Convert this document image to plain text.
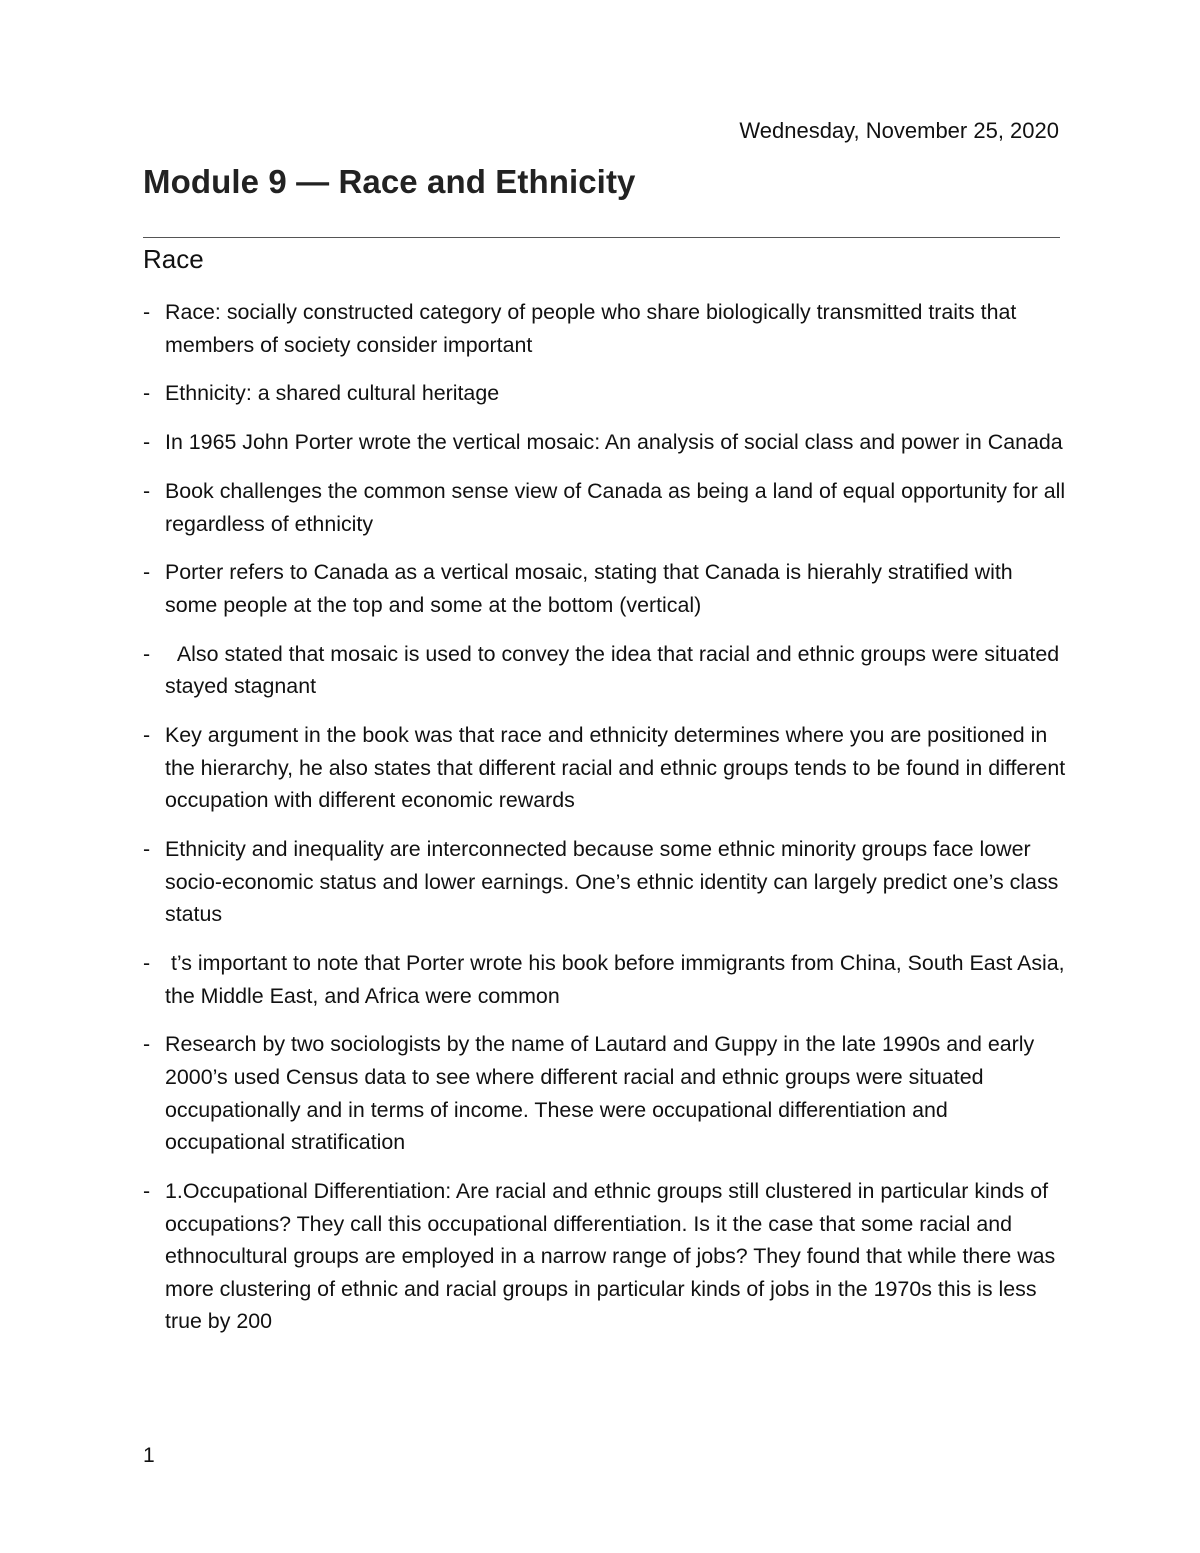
Wednesday, November 25, 2020
Module 9 — Race and Ethnicity
Race
- Race: socially constructed category of people who share biologically transmitted traits that members of society consider important
- Ethnicity: a shared cultural heritage
- In 1965 John Porter wrote the vertical mosaic: An analysis of social class and power in Canada
- Book challenges the common sense view of Canada as being a land of equal opportunity for all regardless of ethnicity
- Porter refers to Canada as a vertical mosaic, stating that Canada is hierahly stratified with some people at the top and some at the bottom (vertical)
- Also stated that mosaic is used to convey the idea that racial and ethnic groups were situated stayed stagnant
- Key argument in the book was that race and ethnicity determines where you are positioned in the hierarchy, he also states that different racial and ethnic groups tends to be found in different occupation with different economic rewards
- Ethnicity and inequality are interconnected because some ethnic minority groups face lower socio-economic status and lower earnings. One’s ethnic identity can largely predict one’s class status
- t’s important to note that Porter wrote his book before immigrants from China, South East Asia, the Middle East, and Africa were common
- Research by two sociologists by the name of Lautard and Guppy in the late 1990s and early 2000’s used Census data to see where different racial and ethnic groups were situated occupationally and in terms of income. These were occupational differentiation and occupational stratification
- 1.Occupational Differentiation: Are racial and ethnic groups still clustered in particular kinds of occupations? They call this occupational differentiation. Is it the case that some racial and ethnocultural groups are employed in a narrow range of jobs? They found that while there was more clustering of ethnic and racial groups in particular kinds of jobs in the 1970s this is less true by 200
1
